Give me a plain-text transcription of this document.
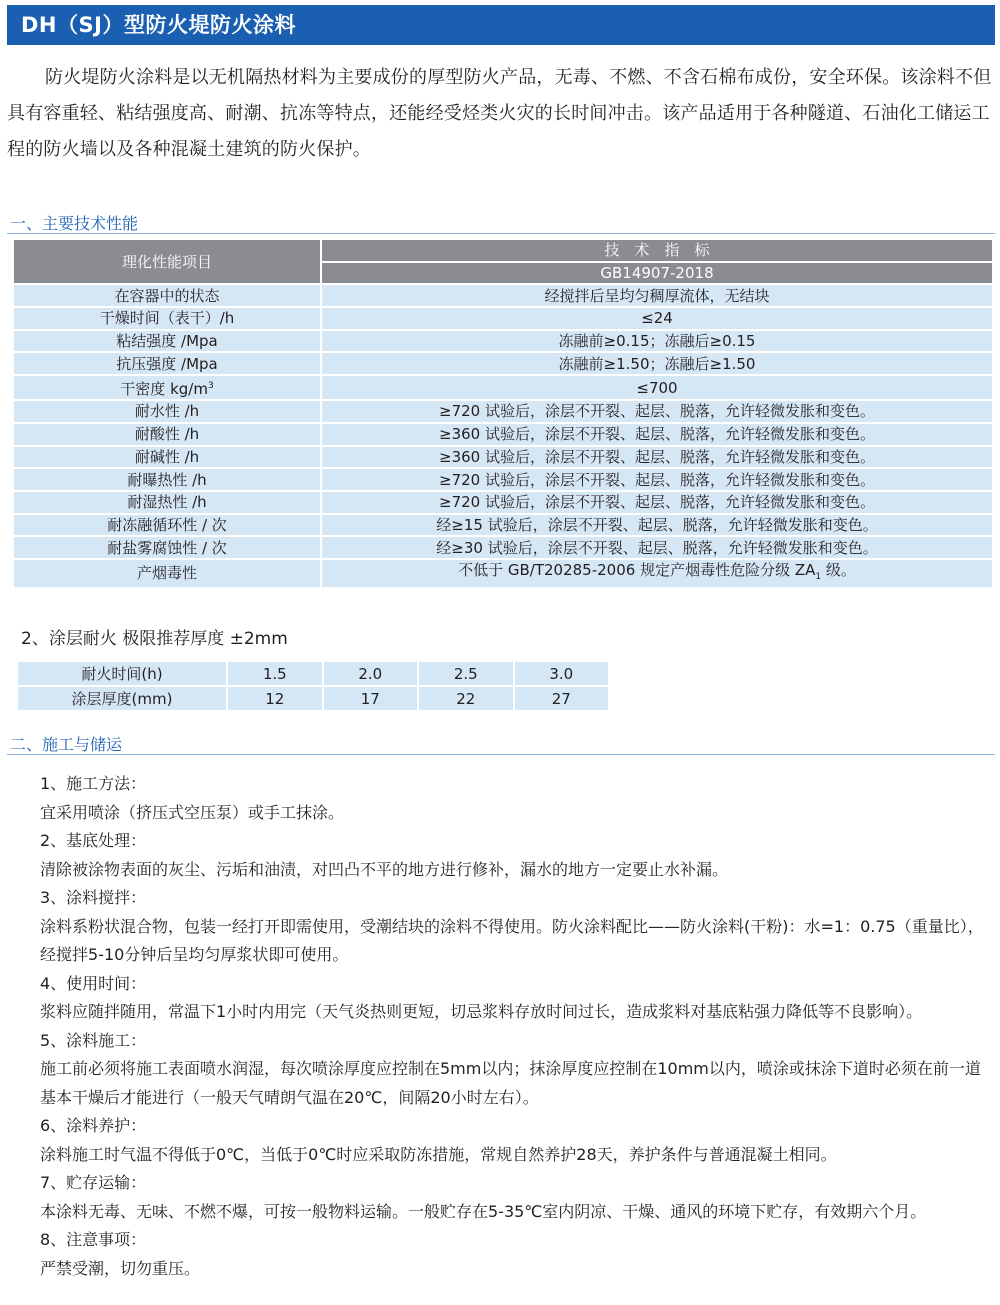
DH（SJ）型防火堤防火涂料
防火堤防火涂料是以无机隔热材料为主要成份的厚型防火产品，无毒、不燃、不含石棉布成份，安全环保。该涂料不但具有容重轻、粘结强度高、耐潮、抗冻等特点，还能经受烃类火灾的长时间冲击。该产品适用于各种隧道、石油化工储运工程的防火墙以及各种混凝土建筑的防火保护。
一、主要技术性能
理化性能项目	技　术　指　标
	GB14907-2018
在容器中的状态	经搅拌后呈均匀稠厚流体，无结块
干燥时间（表干）/h	≤24
粘结强度 /Mpa	冻融前≥0.15；冻融后≥0.15
抗压强度 /Mpa	冻融前≥1.50；冻融后≥1.50
干密度 $kg/m^3$	≤700
耐水性 /h	≥720 试验后，涂层不开裂、起层、脱落，允许轻微发胀和变色。
耐酸性 /h	≥360 试验后，涂层不开裂、起层、脱落，允许轻微发胀和变色。
耐碱性 /h	≥360 试验后，涂层不开裂、起层、脱落，允许轻微发胀和变色。
耐曝热性 /h	≥720 试验后，涂层不开裂、起层、脱落，允许轻微发胀和变色。
耐湿热性 /h	≥720 试验后，涂层不开裂、起层、脱落，允许轻微发胀和变色。
耐冻融循环性 / 次	经≥15 试验后，涂层不开裂、起层、脱落，允许轻微发胀和变色。
耐盐雾腐蚀性 / 次	经≥30 试验后，涂层不开裂、起层、脱落，允许轻微发胀和变色。
产烟毒性	不低于 GB/T20285-2006 规定产烟毒性危险分级 $ZA_1$ 级。
2、涂层耐火 极限推荐厚度 ±2mm
耐火时间(h)	1.5	2.0	2.5	3.0
涂层厚度(mm)	12	17	22	27
二、施工与储运

1、施工方法：

宜采用喷涂（挤压式空压泵）或手工抹涂。

2、基底处理：

清除被涂物表面的灰尘、污垢和油渍，对凹凸不平的地方进行修补，漏水的地方一定要止水补漏。

3、涂料搅拌：

涂料系粉状混合物，包装一经打开即需使用，受潮结块的涂料不得使用。防火涂料配比——防火涂料(干粉)：水=1：0.75（重量比），经搅拌5-10分钟后呈均匀厚浆状即可使用。

4、使用时间：

浆料应随拌随用，常温下1小时内用完（天气炎热则更短，切忌浆料存放时间过长，造成浆料对基底粘强力降低等不良影响）。

5、涂料施工：

施工前必须将施工表面喷水润湿，每次喷涂厚度应控制在5mm以内；抹涂厚度应控制在10mm以内，喷涂或抹涂下道时必须在前一道基本干燥后才能进行（一般天气晴朗气温在20℃，间隔20小时左右）。

6、涂料养护：

涂料施工时气温不得低于0℃，当低于0℃时应采取防冻措施，常规自然养护28天，养护条件与普通混凝土相同。

7、贮存运输：

本涂料无毒、无味、不燃不爆，可按一般物料运输。一般贮存在5-35℃室内阴凉、干燥、通风的环境下贮存，有效期六个月。

8、注意事项：

严禁受潮，切勿重压。
